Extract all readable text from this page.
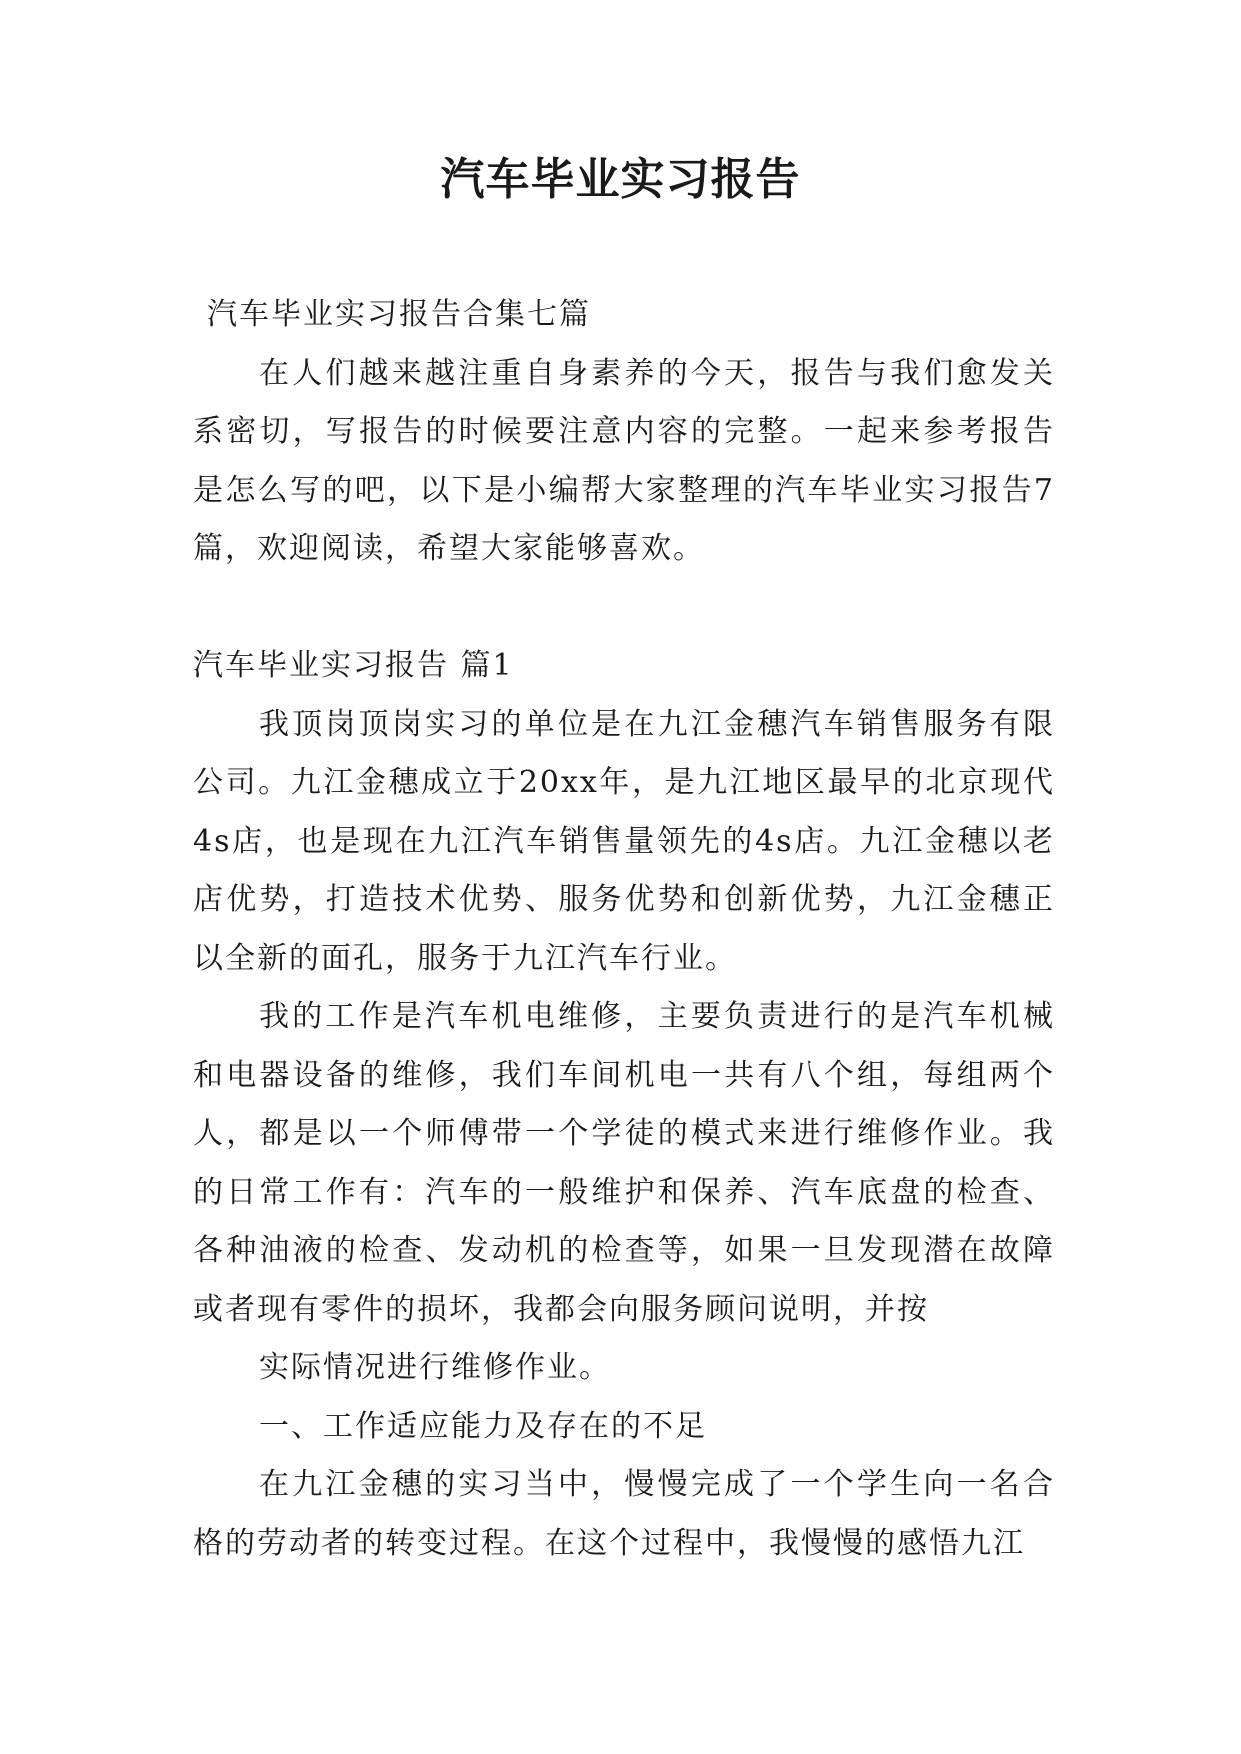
汽车毕业实习报告

汽车毕业实习报告合集七篇

在人们越来越注重自身素养的今天，报告与我们愈发关系密切，写报告的时候要注意内容的完整。一起来参考报告是怎么写的吧，以下是小编帮大家整理的汽车毕业实习报告7篇，欢迎阅读，希望大家能够喜欢。

汽车毕业实习报告 篇1

我顶岗顶岗实习的单位是在九江金穗汽车销售服务有限公司。九江金穗成立于20xx年，是九江地区最早的北京现代4s店，也是现在九江汽车销售量领先的4s店。九江金穗以老店优势，打造技术优势、服务优势和创新优势，九江金穗正以全新的面孔，服务于九江汽车行业。

我的工作是汽车机电维修，主要负责进行的是汽车机械和电器设备的维修，我们车间机电一共有八个组，每组两个人，都是以一个师傅带一个学徒的模式来进行维修作业。我的日常工作有：汽车的一般维护和保养、汽车底盘的检查、各种油液的检查、发动机的检查等，如果一旦发现潜在故障或者现有零件的损坏，我都会向服务顾问说明，并按

实际情况进行维修作业。

一、工作适应能力及存在的不足

在九江金穗的实习当中，慢慢完成了一个学生向一名合格的劳动者的转变过程。在这个过程中，我慢慢的感悟九江
